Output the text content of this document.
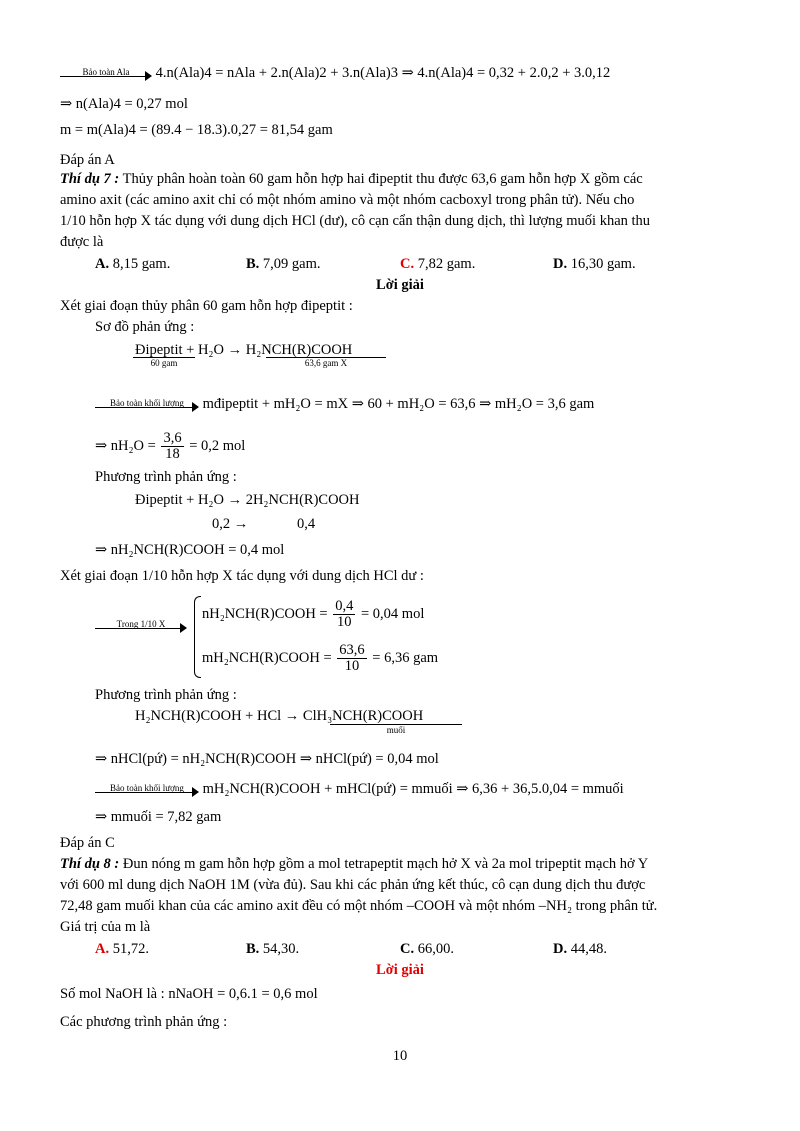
Bảo toàn Ala	4.n(Ala)4 = nAla + 2.n(Ala)2 + 3.n(Ala)3 ⇒ 4.n(Ala)4 = 0,32 + 2.0,2 + 3.0,12
⇒ n(Ala)4 = 0,27 mol
m = m(Ala)4 = (89.4 − 18.3).0,27 = 81,54 gam
Đáp án A
Thí dụ 7 : Thủy phân hoàn toàn 60 gam hỗn hợp hai đipeptit thu được 63,6 gam hỗn hợp X gồm các
amino axit (các amino axit chỉ có một nhóm amino và một nhóm cacboxyl trong phân tử). Nếu cho
1/10 hỗn hợp X tác dụng với dung dịch HCl (dư), cô cạn cẩn thận dung dịch, thì lượng muối khan thu
được là
A. 8,15 gam.	B. 7,09 gam.	C. 7,82 gam.	D. 16,30 gam.
Lời giải
Xét giai đoạn thủy phân 60 gam hỗn hợp đipeptit :
Sơ đồ phản ứng :
Đipeptit + H₂O → H₂NCH(R)COOH
60 gam	63,6 gam X
Bảo toàn khối lượng	mđipeptit + mH₂O = mX ⇒ 60 + mH₂O = 63,6 ⇒ mH₂O = 3,6 gam
⇒ $nH_2O = \frac{3,6}{18} = 0,2$ mol
Phương trình phản ứng :
Đipeptit + H₂O → 2H₂NCH(R)COOH
0,2 →	0,4
⇒ nH₂NCH(R)COOH = 0,4 mol
Xét giai đoạn 1/10 hỗn hợp X tác dụng với dung dịch HCl dư :
Trong 1/10 X
nH₂NCH(R)COOH = $\frac{0,4}{10} = 0,04$ mol
mH₂NCH(R)COOH = $\frac{63,6}{10} = 6,36$ gam
Phương trình phản ứng :
H₂NCH(R)COOH + HCl → ClH₃NCH(R)COOH
muối
⇒ nHCl(pứ) = nH₂NCH(R)COOH ⇒ nHCl(pứ) = 0,04 mol
Bảo toàn khối lượng	mH₂NCH(R)COOH + mHCl(pứ) = mmuối ⇒ 6,36 + 36,5.0,04 = mmuối
⇒ mmuối = 7,82 gam
Đáp án C
Thí dụ 8 : Đun nóng m gam hỗn hợp gồm a mol tetrapeptit mạch hở X và 2a mol tripeptit mạch hở Y
với 600 ml dung dịch NaOH 1M (vừa đủ). Sau khi các phản ứng kết thúc, cô cạn dung dịch thu được
72,48 gam muối khan của các amino axit đều có một nhóm –COOH và một nhóm –NH₂ trong phân tử.
Giá trị của m là
A. 51,72.	B. 54,30.	C. 66,00.	D. 44,48.
Lời giải
Số mol NaOH là : nNaOH = 0,6.1 = 0,6 mol
Các phương trình phản ứng :
10
